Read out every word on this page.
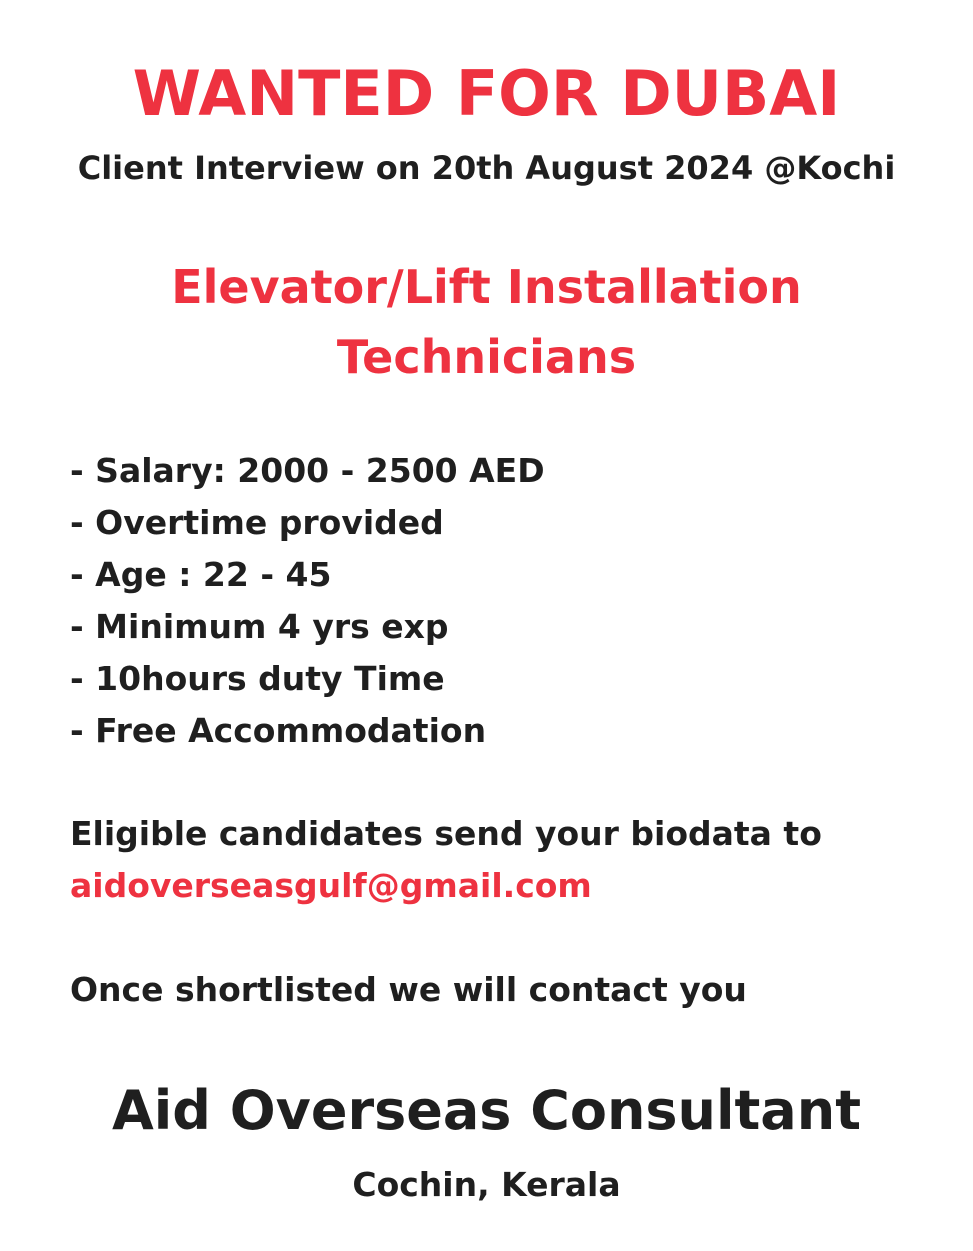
WANTED FOR DUBAI

Client Interview on 20th August 2024 @Kochi

Elevator/Lift Installation
Technicians
- Salary: 2000 - 2500 AED
- Overtime provided
- Age : 22 - 45
- Minimum 4 yrs exp
- 10hours duty Time
- Free Accommodation

Eligible candidates send your biodata to

aidoverseasgulf@gmail.com

Once shortlisted we will contact you

Aid Overseas Consultant

Cochin, Kerala
